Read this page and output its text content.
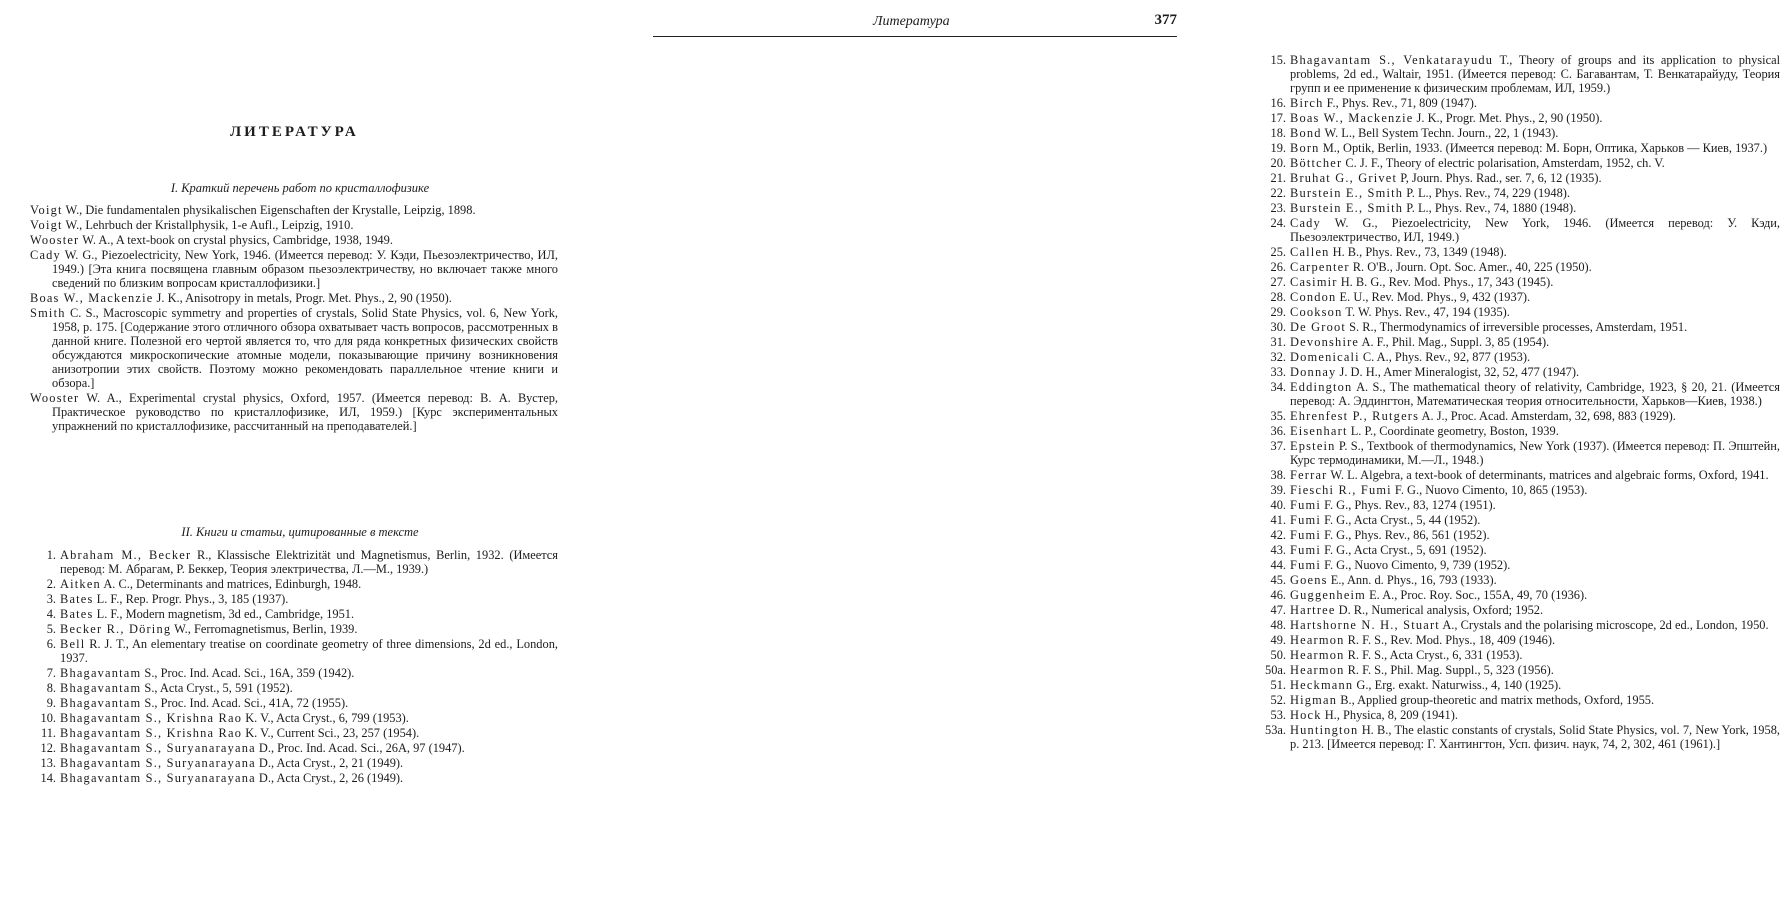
ЛИТЕРАТУРА
I. Краткий перечень работ по кристаллофизике
Voigt W., Die fundamentalen physikalischen Eigenschaften der Krystalle, Leipzig, 1898.
Voigt W., Lehrbuch der Kristallphysik, 1-e Aufl., Leipzig, 1910.
Wooster W. A., A text-book on crystal physics, Cambridge, 1938, 1949.
Cady W. G., Piezoelectricity, New York, 1946. (Имеется перевод: У. Кэди, Пьезоэлектричество, ИЛ, 1949.) [Эта книга посвящена главным образом пьезоэлектричеству, но включает также много сведений по близким вопросам кристаллофизики.]
Boas W., Mackenzie J. K., Anisotropy in metals, Progr. Met. Phys., 2, 90 (1950).
Smith C. S., Macroscopic symmetry and properties of crystals, Solid State Physics, vol. 6, New York, 1958, p. 175. [Содержание этого отличного обзора охватывает часть вопросов, рассмотренных в данной книге. Полезной его чертой является то, что для ряда конкретных физических свойств обсуждаются микроскопические атомные модели, показывающие причину возникновения анизотропии этих свойств. Поэтому можно рекомендовать параллельное чтение книги и обзора.]
Wooster W. A., Experimental crystal physics, Oxford, 1957. (Имеется перевод: В. А. Вустер, Практическое руководство по кристаллофизике, ИЛ, 1959.) [Курс экспериментальных упражнений по кристаллофизике, рассчитанный на преподавателей.]
II. Книги и статьи, цитированные в тексте
1. Abraham M., Becker R., Klassische Elektrizität und Magnetismus, Berlin, 1932. (Имеется перевод: М. Абрагам, Р. Беккер, Теория электричества, Л.—М., 1939.)
2. Aitken A. C., Determinants and matrices, Edinburgh, 1948.
3. Bates L. F., Rep. Progr. Phys., 3, 185 (1937).
4. Bates L. F., Modern magnetism, 3d ed., Cambridge, 1951.
5. Becker R., Döring W., Ferromagnetismus, Berlin, 1939.
6. Bell R. J. T., An elementary treatise on coordinate geometry of three dimensions, 2d ed., London, 1937.
7. Bhagavantam S., Proc. Ind. Acad. Sci., 16A, 359 (1942).
8. Bhagavantam S., Acta Cryst., 5, 591 (1952).
9. Bhagavantam S., Proc. Ind. Acad. Sci., 41A, 72 (1955).
10. Bhagavantam S., Krishna Rao K. V., Acta Cryst., 6, 799 (1953).
11. Bhagavantam S., Krishna Rao K. V., Current Sci., 23, 257 (1954).
12. Bhagavantam S., Suryanarayana D., Proc. Ind. Acad. Sci., 26A, 97 (1947).
13. Bhagavantam S., Suryanarayana D., Acta Cryst., 2, 21 (1949).
14. Bhagavantam S., Suryanarayana D., Acta Cryst., 2, 26 (1949).
15. Bhagavantam S., Venkatarayudu T., Theory of groups and its application to physical problems, 2d ed., Waltair, 1951. (Имеется перевод: С. Багавантам, Т. Венкатарайуду, Теория групп и ее применение к физическим проблемам, ИЛ, 1959.)
16. Birch F., Phys. Rev., 71, 809 (1947).
17. Boas W., Mackenzie J. K., Progr. Met. Phys., 2, 90 (1950).
18. Bond W. L., Bell System Techn. Journ., 22, 1 (1943).
19. Born M., Optik, Berlin, 1933. (Имеется перевод: М. Борн, Оптика, Харьков — Киев, 1937.)
20. Böttcher C. J. F., Theory of electric polarisation, Amsterdam, 1952, ch. V.
21. Bruhat G., Grivet P, Journ. Phys. Rad., ser. 7, 6, 12 (1935).
22. Burstein E., Smith P. L., Phys. Rev., 74, 229 (1948).
23. Burstein E., Smith P. L., Phys. Rev., 74, 1880 (1948).
24. Cady W. G., Piezoelectricity, New York, 1946. (Имеется перевод: У. Кэди, Пьезоэлектричество, ИЛ, 1949.)
25. Callen H. B., Phys. Rev., 73, 1349 (1948).
26. Carpenter R. O'B., Journ. Opt. Soc. Amer., 40, 225 (1950).
27. Casimir H. B. G., Rev. Mod. Phys., 17, 343 (1945).
28. Condon E. U., Rev. Mod. Phys., 9, 432 (1937).
29. Cookson T. W. Phys. Rev., 47, 194 (1935).
30. De Groot S. R., Thermodynamics of irreversible processes, Amsterdam, 1951.
31. Devonshire A. F., Phil. Mag., Suppl. 3, 85 (1954).
32. Domenicali C. A., Phys. Rev., 92, 877 (1953).
33. Donnay J. D. H., Amer Mineralogist, 32, 52, 477 (1947).
34. Eddington A. S., The mathematical theory of relativity, Cambridge, 1923, § 20, 21. (Имеется перевод: А. Эддингтон, Математическая теория относительности, Харьков—Киев, 1938.)
35. Ehrenfest P., Rutgers A. J., Proc. Acad. Amsterdam, 32, 698, 883 (1929).
36. Eisenhart L. P., Coordinate geometry, Boston, 1939.
37. Epstein P. S., Textbook of thermodynamics, New York (1937). (Имеется перевод: П. Эпштейн, Курс термодинамики, М.—Л., 1948.)
38. Ferrar W. L. Algebra, a text-book of determinants, matrices and algebraic forms, Oxford, 1941.
39. Fieschi R., Fumi F. G., Nuovo Cimento, 10, 865 (1953).
40. Fumi F. G., Phys. Rev., 83, 1274 (1951).
41. Fumi F. G., Acta Cryst., 5, 44 (1952).
42. Fumi F. G., Phys. Rev., 86, 561 (1952).
43. Fumi F. G., Acta Cryst., 5, 691 (1952).
44. Fumi F. G., Nuovo Cimento, 9, 739 (1952).
45. Goens E., Ann. d. Phys., 16, 793 (1933).
46. Guggenheim E. A., Proc. Roy. Soc., 155A, 49, 70 (1936).
47. Hartree D. R., Numerical analysis, Oxford; 1952.
48. Hartshorne N. H., Stuart A., Crystals and the polarising microscope, 2d ed., London, 1950.
49. Hearmon R. F. S., Rev. Mod. Phys., 18, 409 (1946).
50. Hearmon R. F. S., Acta Cryst., 6, 331 (1953).
50a. Hearmon R. F. S., Phil. Mag. Suppl., 5, 323 (1956).
51. Heckmann G., Erg. exakt. Naturwiss., 4, 140 (1925).
52. Higman B., Applied group-theoretic and matrix methods, Oxford, 1955.
53. Hock H., Physica, 8, 209 (1941).
53a. Huntington H. B., The elastic constants of crystals, Solid State Physics, vol. 7, New York, 1958, p. 213. [Имеется перевод: Г. Хантингтон, Усп. физич. наук, 74, 2, 302, 461 (1961).]
Литература	377
